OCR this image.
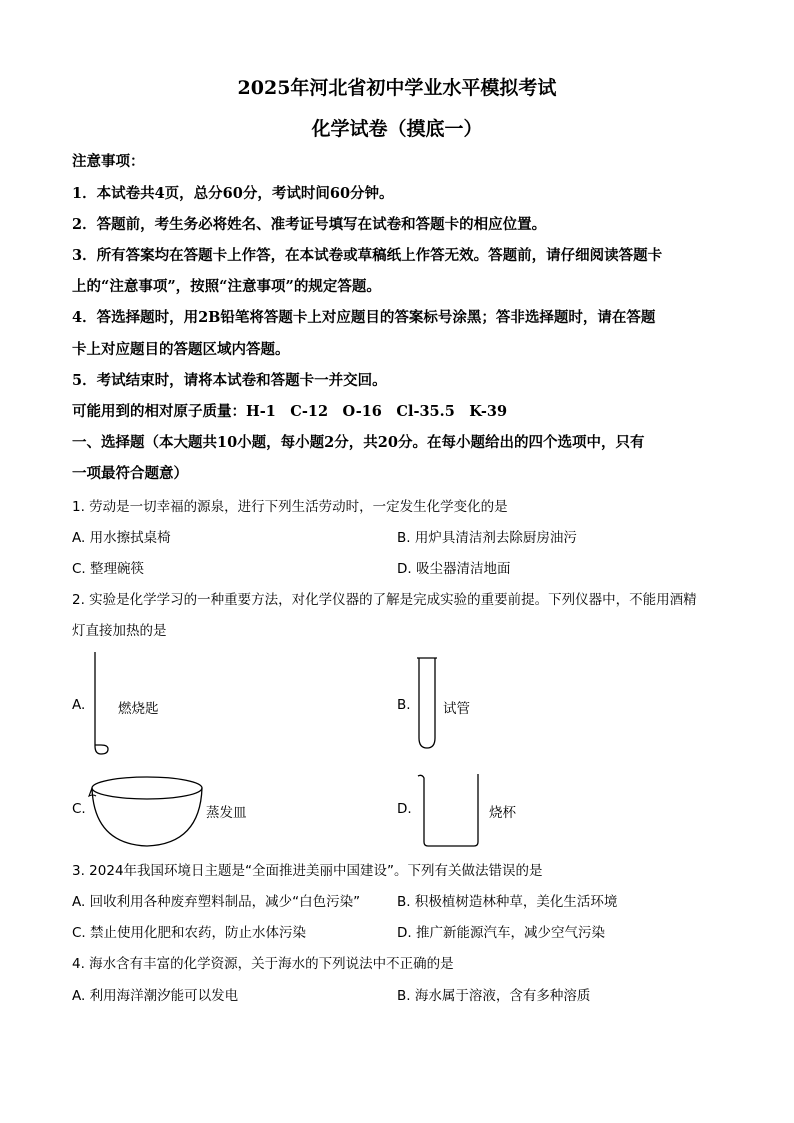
2025年河北省初中学业水平模拟考试
化学试卷（摸底一）
注意事项：
1．本试卷共4页，总分60分，考试时间60分钟。
2．答题前，考生务必将姓名、准考证号填写在试卷和答题卡的相应位置。
3．所有答案均在答题卡上作答，在本试卷或草稿纸上作答无效。答题前，请仔细阅读答题卡
上的“注意事项”，按照“注意事项”的规定答题。
4．答选择题时，用2B铅笔将答题卡上对应题目的答案标号涂黑；答非选择题时，请在答题
卡上对应题目的答题区域内答题。
5．考试结束时，请将本试卷和答题卡一并交回。
可能用到的相对原子质量：H-1　C-12　O-16　Cl-35.5　K-39
一、选择题（本大题共10小题，每小题2分，共20分。在每小题给出的四个选项中，只有
一项最符合题意）
1. 劳动是一切幸福的源泉，进行下列生活劳动时，一定发生化学变化的是
A. 用水擦拭桌椅	B. 用炉具清洁剂去除厨房油污
C. 整理碗筷	D. 吸尘器清洁地面
2. 实验是化学学习的一种重要方法，对化学仪器的了解是完成实验的重要前提。下列仪器中，不能用酒精
灯直接加热的是
A. 燃烧匙	B. 试管
C.	蒸发皿	D.	烧杯
3. 2024年我国环境日主题是“全面推进美丽中国建设”。下列有关做法错误的是
A. 回收利用各种废弃塑料制品，减少“白色污染”	B. 积极植树造林种草，美化生活环境
C. 禁止使用化肥和农药，防止水体污染	D. 推广新能源汽车，减少空气污染
4. 海水含有丰富的化学资源，关于海水的下列说法中不正确的是
A. 利用海洋潮汐能可以发电	B. 海水属于溶液，含有多种溶质
